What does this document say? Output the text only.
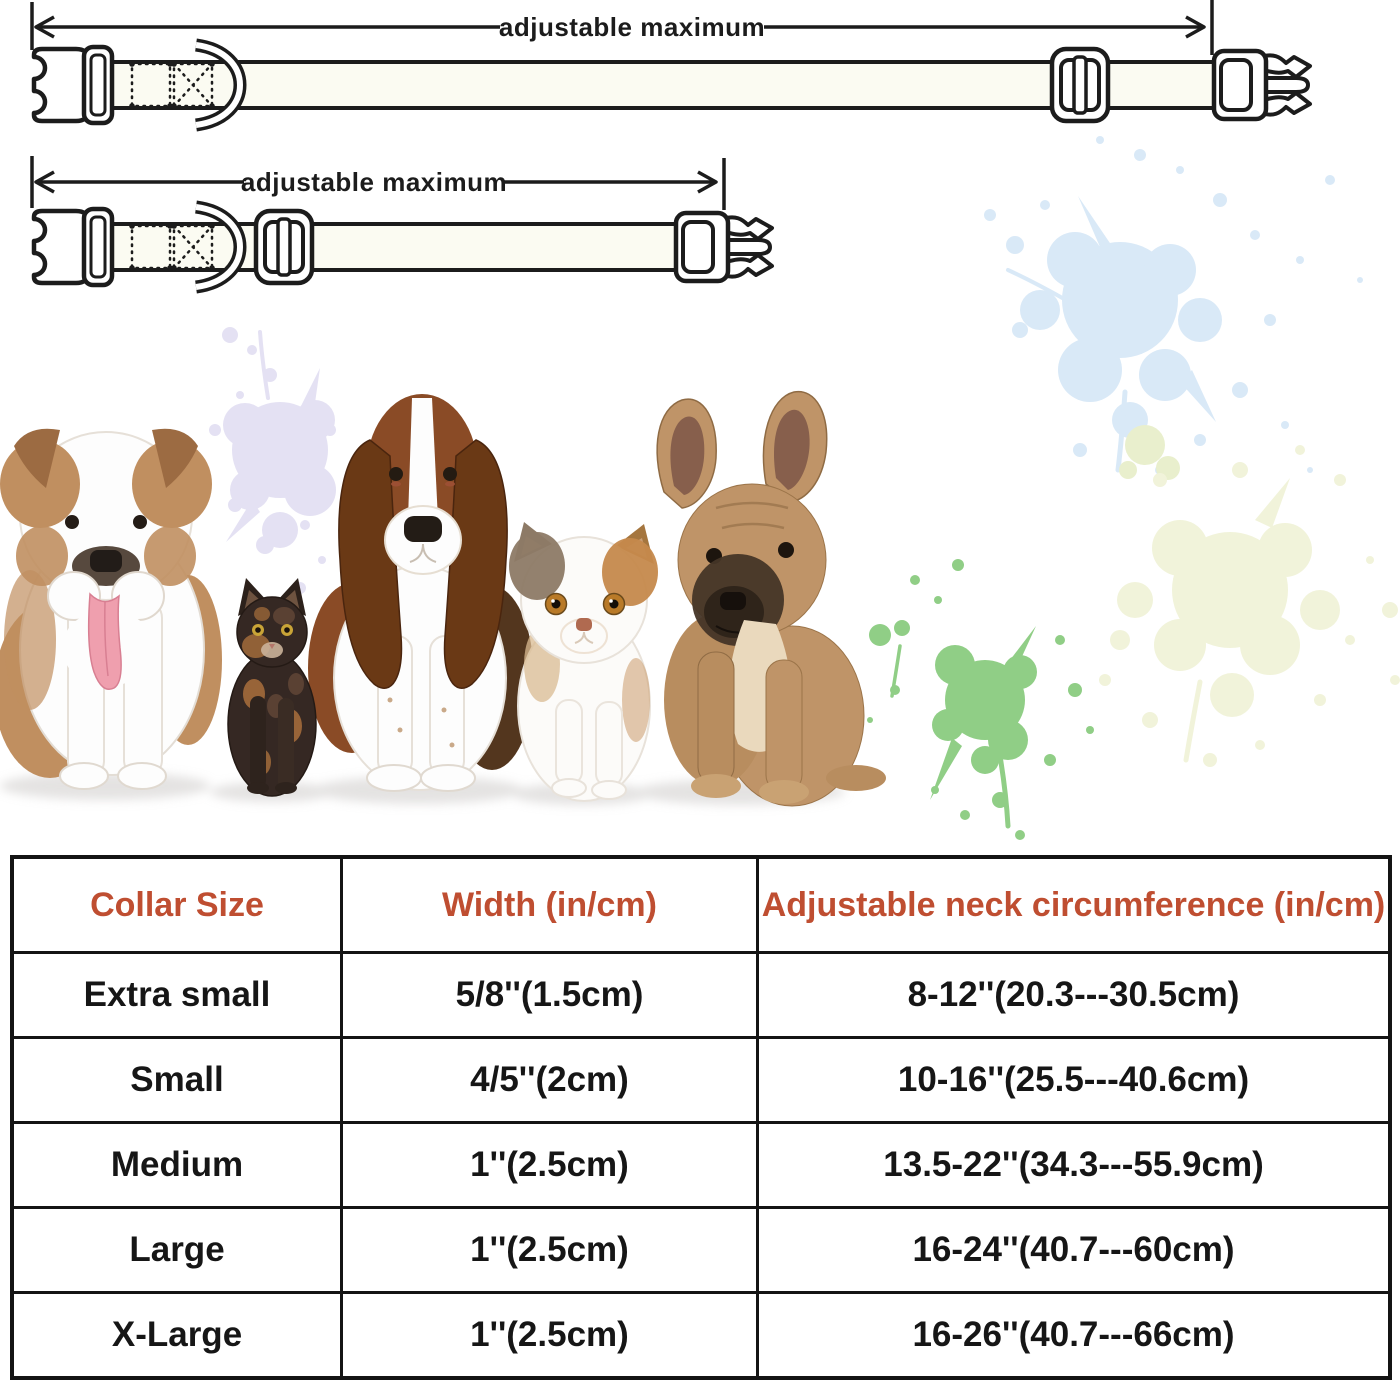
adjustable maximum
adjustable maximum
Collar Size	Width (in/cm)	Adjustable neck circumference (in/cm)
Extra small	5/8''(1.5cm)	8-12''(20.3---30.5cm)
Small	4/5''(2cm)	10-16''(25.5---40.6cm)
Medium	1''(2.5cm)	13.5-22''(34.3---55.9cm)
Large	1''(2.5cm)	16-24''(40.7---60cm)
X-Large	1''(2.5cm)	16-26''(40.7---66cm)
